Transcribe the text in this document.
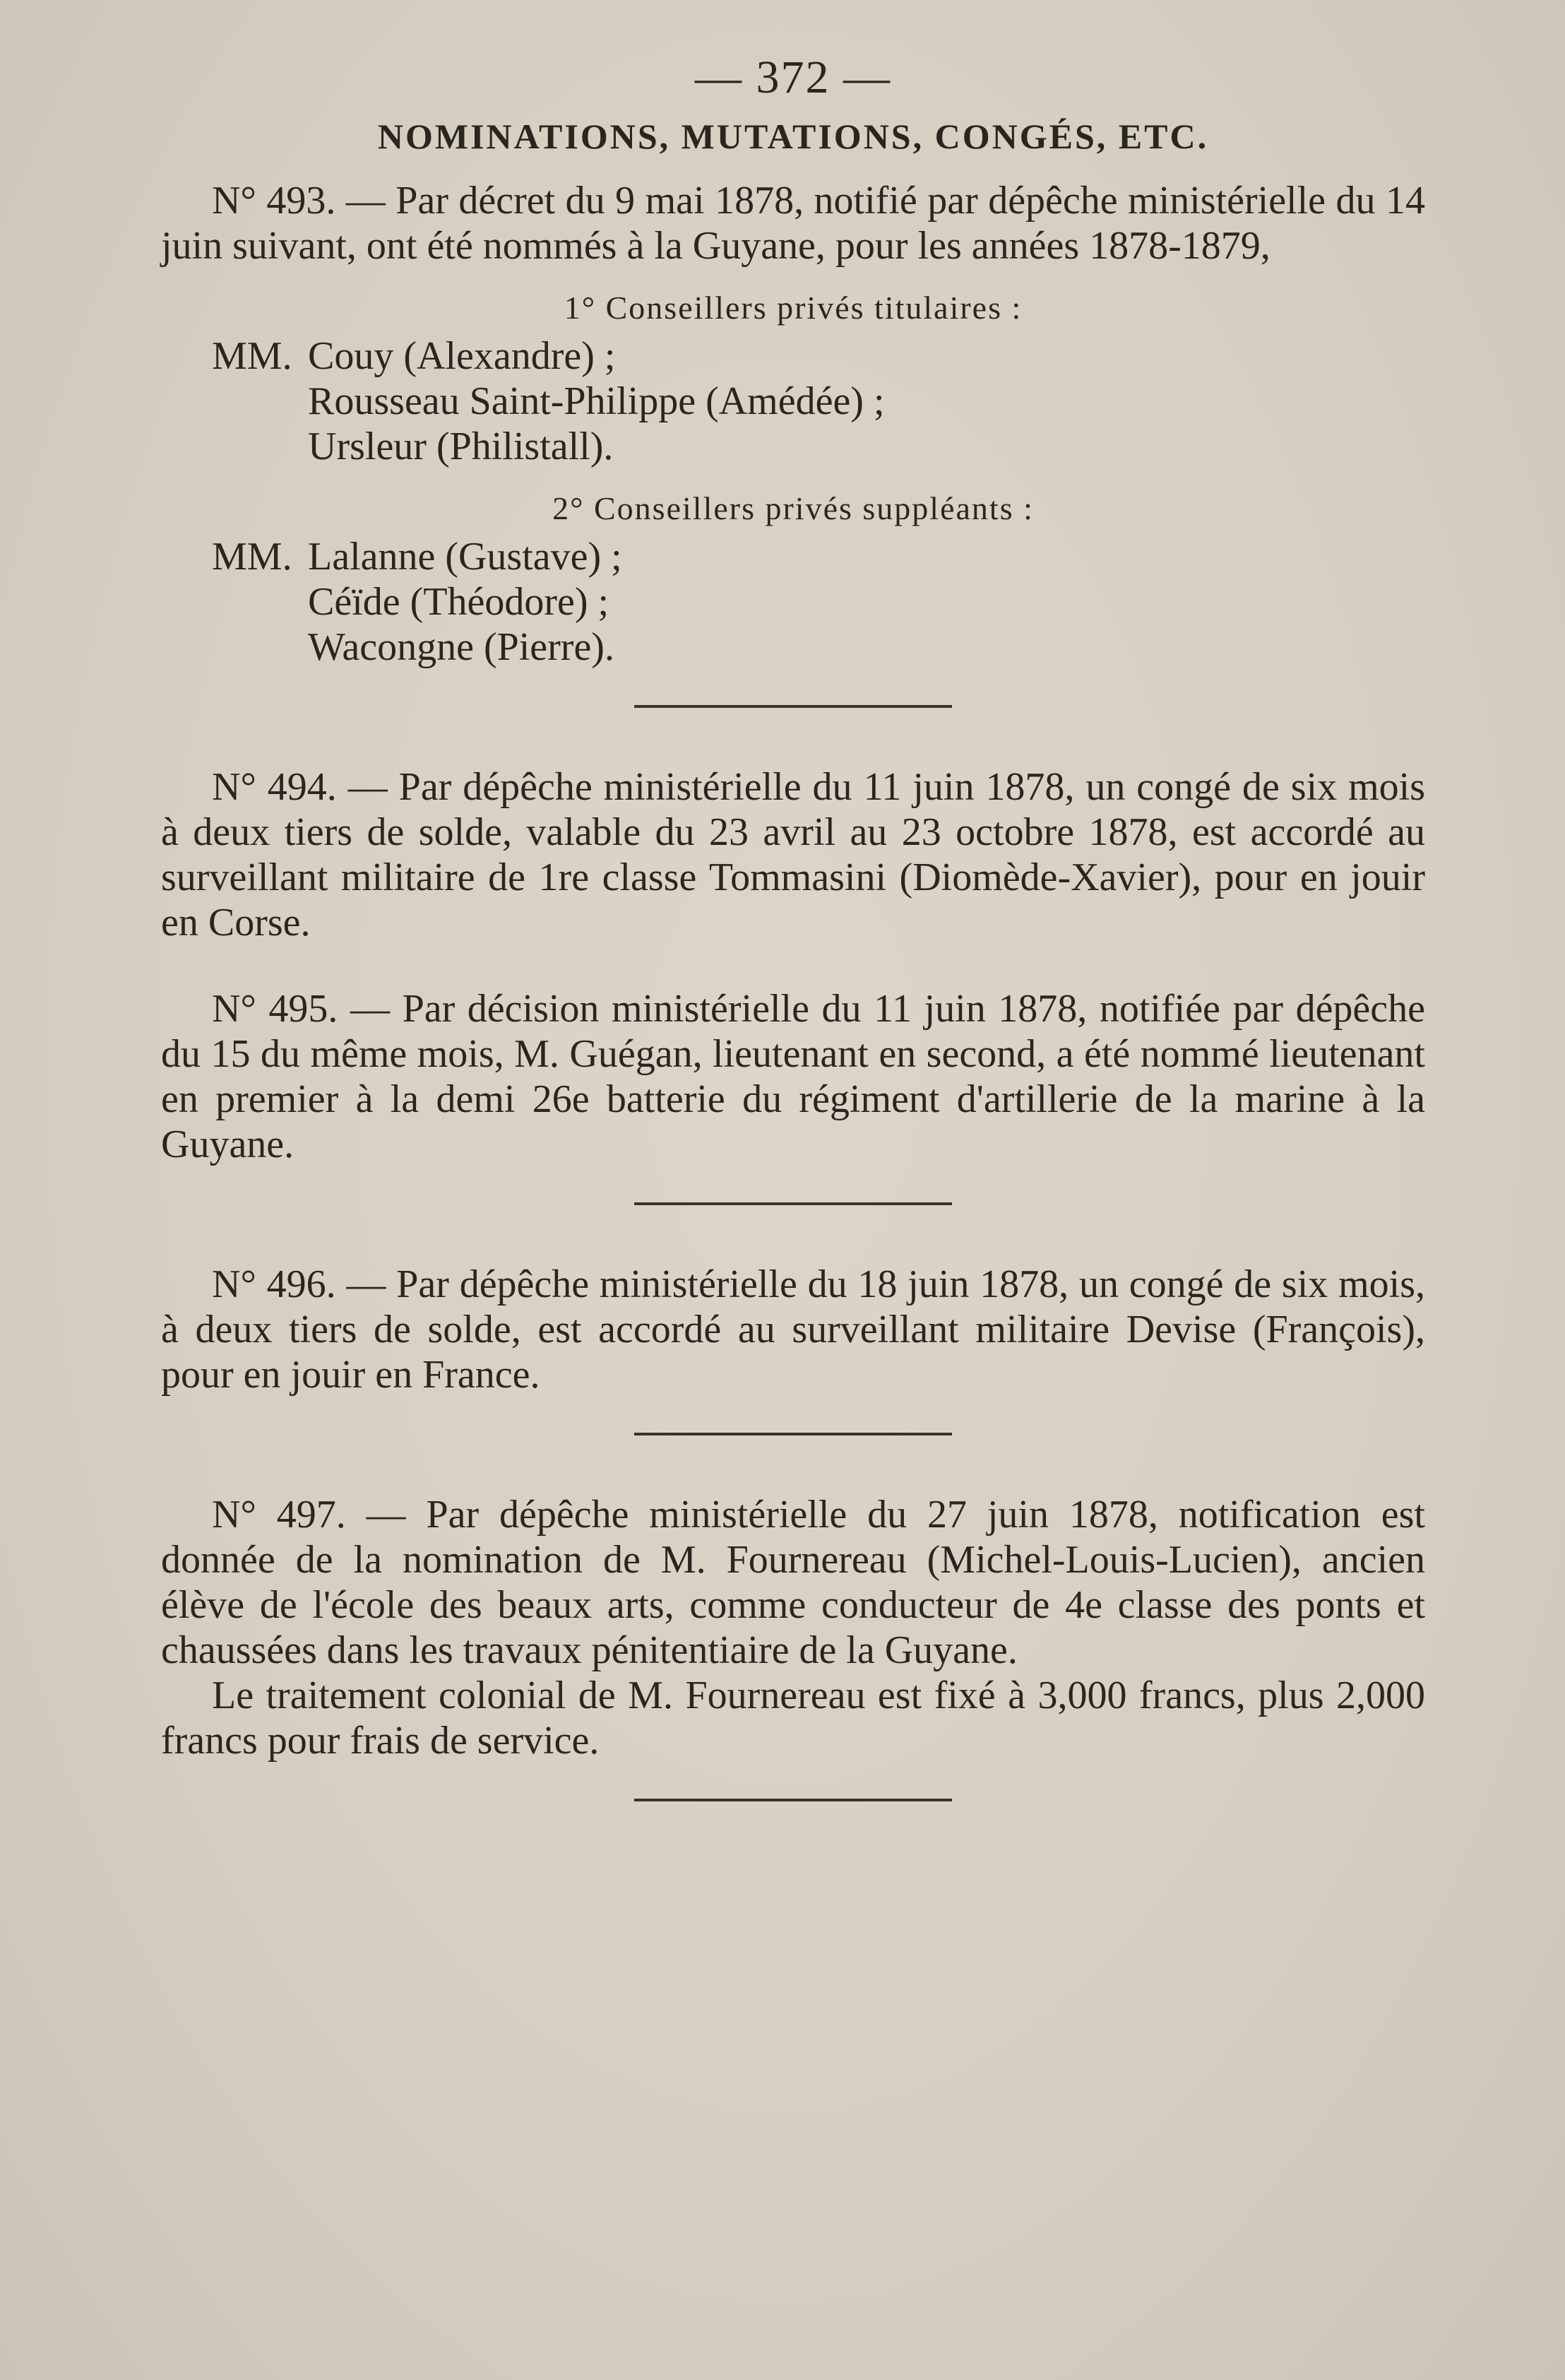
— 372 —
NOMINATIONS, MUTATIONS, CONGÉS, ETC.

N° 493. — Par décret du 9 mai 1878, notifié par dépêche ministérielle du 14 juin suivant, ont été nommés à la Guyane, pour les années 1878-1879,

1° Conseillers privés titulaires :
MM. Couy (Alexandre) ;
Rousseau Saint-Philippe (Amédée) ;
Ursleur (Philistall).
2° Conseillers privés suppléants :
MM. Lalanne (Gustave) ;
Céïde (Théodore) ;
Wacongne (Pierre).

N° 494. — Par dépêche ministérielle du 11 juin 1878, un congé de six mois à deux tiers de solde, valable du 23 avril au 23 octobre 1878, est accordé au surveillant militaire de 1re classe Tommasini (Diomède-Xavier), pour en jouir en Corse.

N° 495. — Par décision ministérielle du 11 juin 1878, notifiée par dépêche du 15 du même mois, M. Guégan, lieutenant en second, a été nommé lieutenant en premier à la demi 26e batterie du régiment d'artillerie de la marine à la Guyane.

N° 496. — Par dépêche ministérielle du 18 juin 1878, un congé de six mois, à deux tiers de solde, est accordé au surveillant militaire Devise (François), pour en jouir en France.

N° 497. — Par dépêche ministérielle du 27 juin 1878, notification est donnée de la nomination de M. Fournereau (Michel-Louis-Lucien), ancien élève de l'école des beaux arts, comme conducteur de 4e classe des ponts et chaussées dans les travaux pénitentiaire de la Guyane.

Le traitement colonial de M. Fournereau est fixé à 3,000 francs, plus 2,000 francs pour frais de service.
